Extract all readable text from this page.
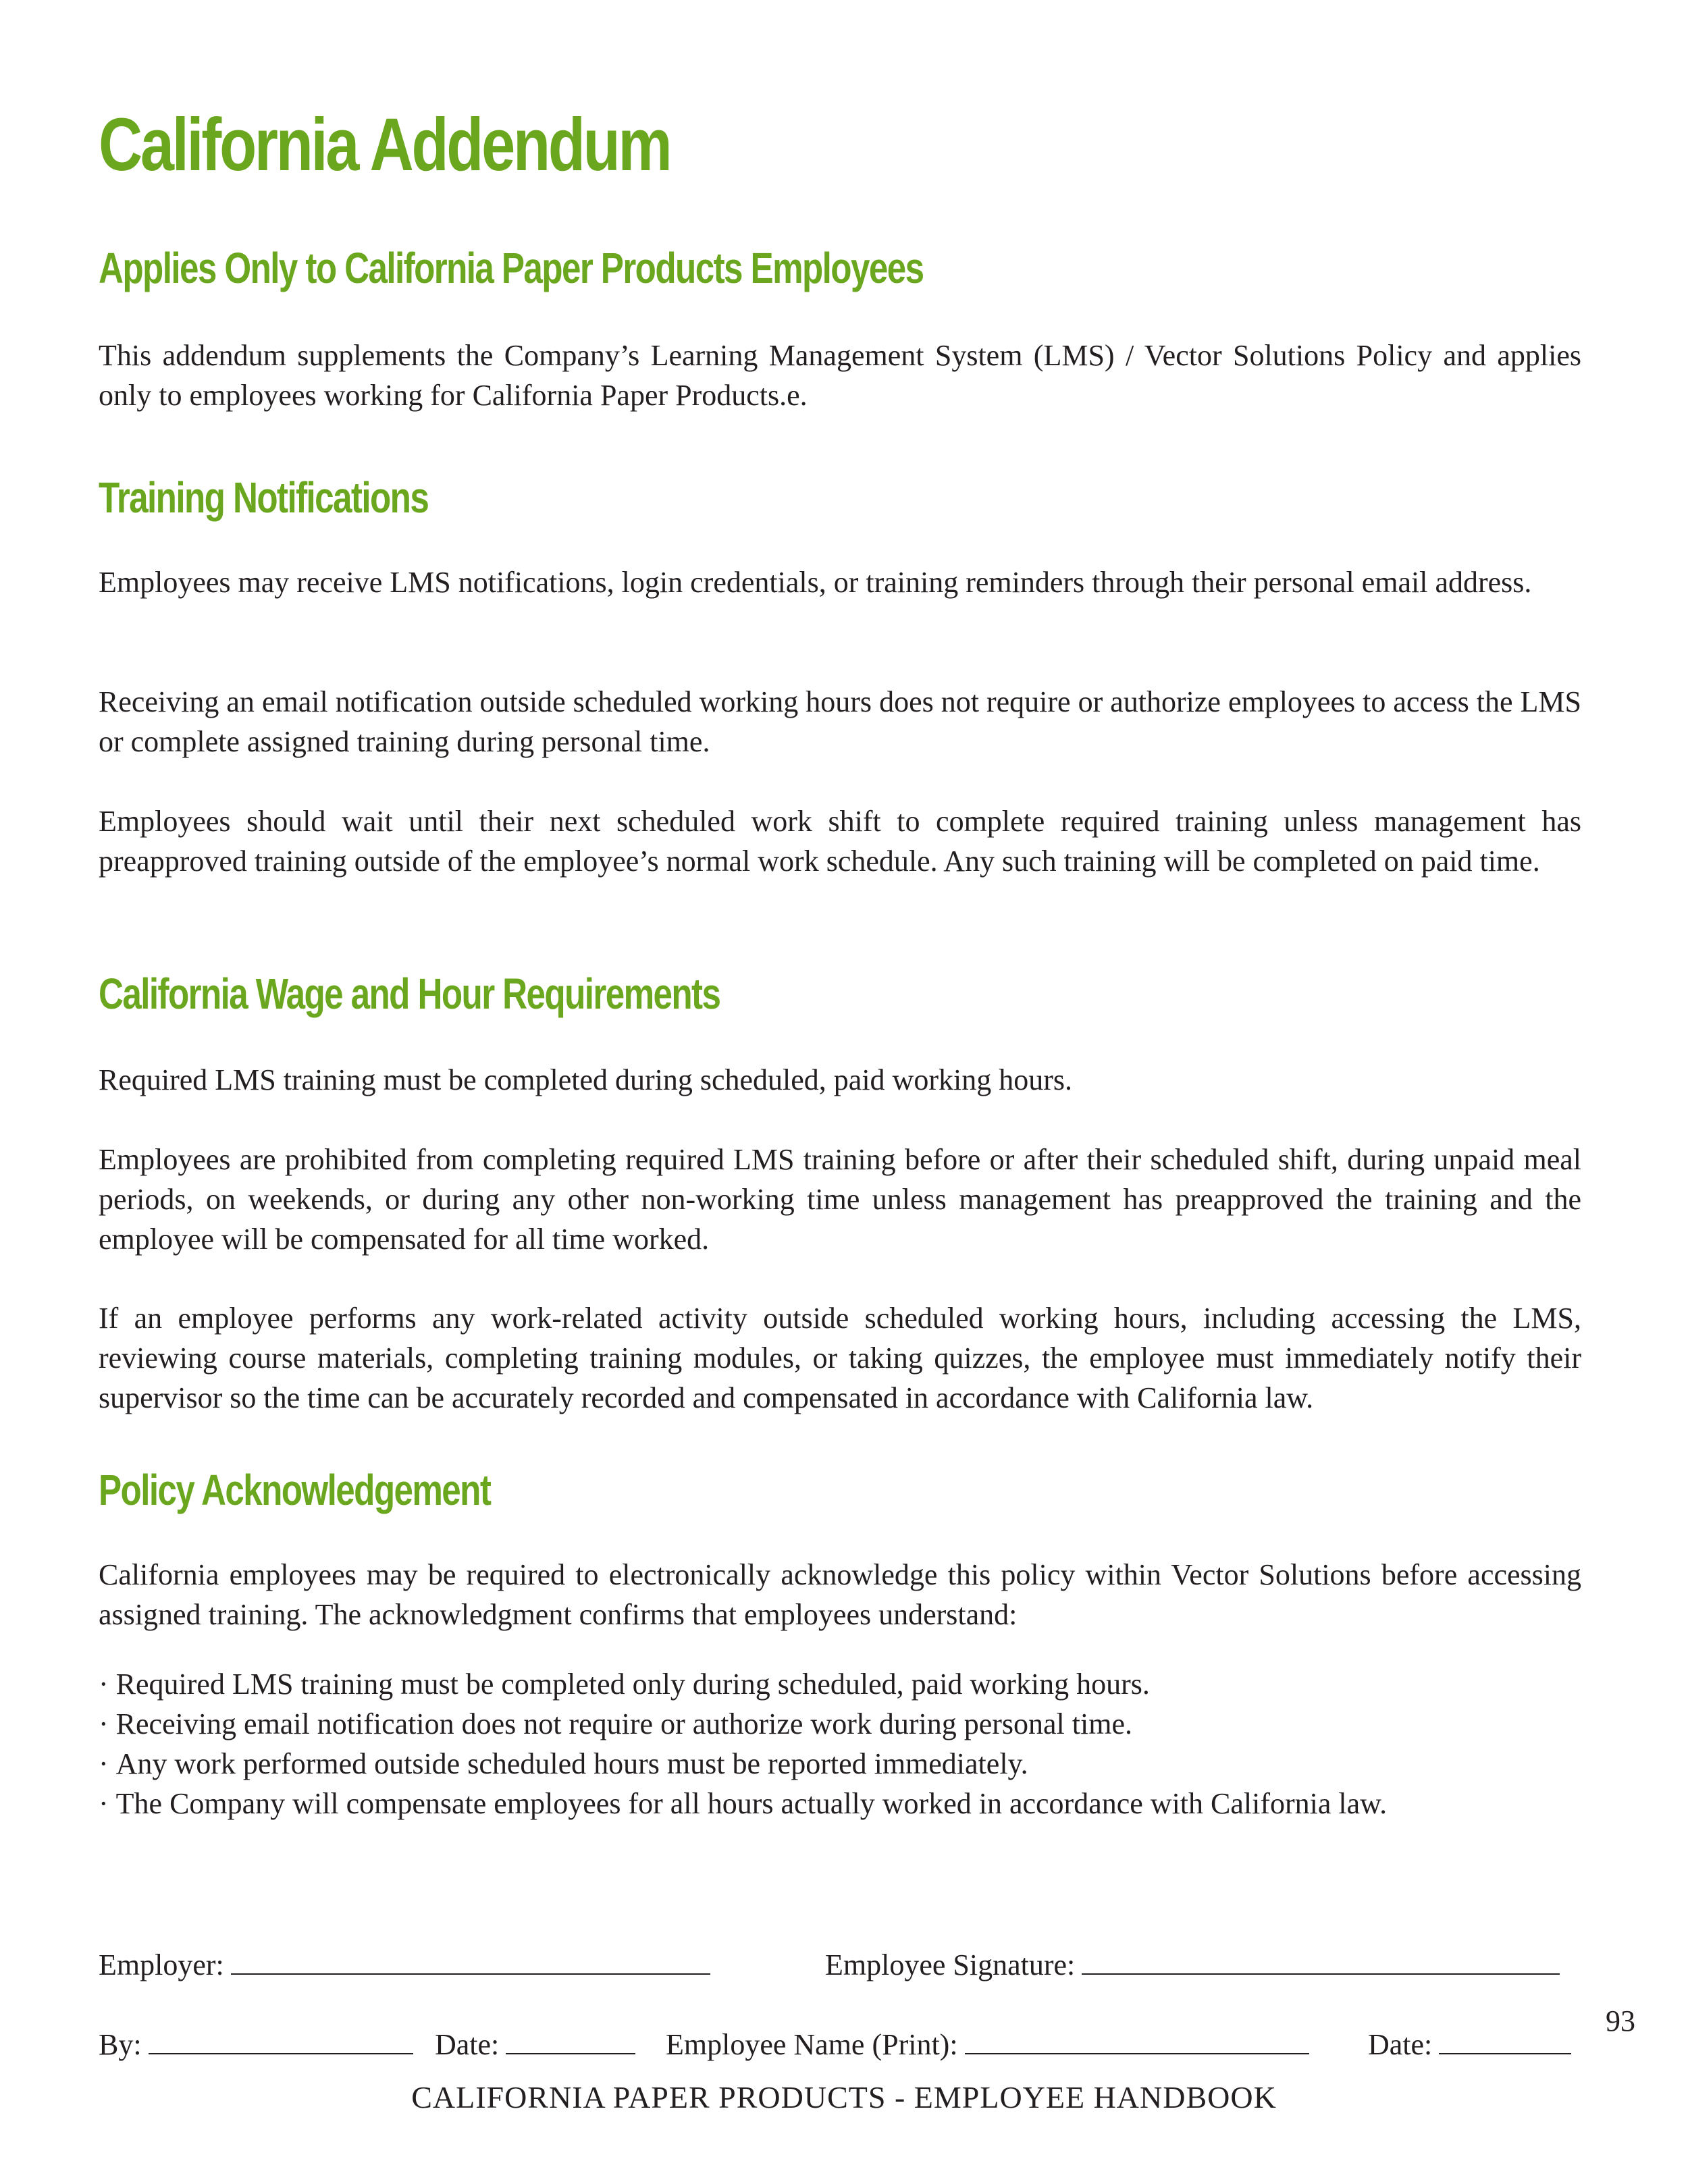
California Addendum
Applies Only to California Paper Products Employees

This addendum supplements the Company’s Learning Management System (LMS) / Vector Solutions Policy and applies only to employees working for California Paper Products.e.

Training Notifications

Employees may receive LMS notifications, login credentials, or training reminders through their personal email address.

Receiving an email notification outside scheduled working hours does not require or authorize employees to access the LMS or complete assigned training during personal time.

Employees should wait until their next scheduled work shift to complete required training unless management has preapproved training outside of the employee’s normal work schedule. Any such training will be completed on paid time.

California Wage and Hour Requirements

Required LMS training must be completed during scheduled, paid working hours.

Employees are prohibited from completing required LMS training before or after their scheduled shift, during unpaid meal periods, on weekends, or during any other non-working time unless management has preapproved the training and the employee will be compensated for all time worked.

If an employee performs any work-related activity outside scheduled working hours, including accessing the LMS, reviewing course materials, completing training modules, or taking quizzes, the employee must immediately notify their supervisor so the time can be accurately recorded and compensated in accordance with California law.

Policy Acknowledgement

California employees may be required to electronically acknowledge this policy within Vector Solutions before accessing assigned training. The acknowledgment confirms that employees understand:

· Required LMS training must be completed only during scheduled, paid working hours.
· Receiving email notification does not require or authorize work during personal time.
· Any work performed outside scheduled hours must be reported immediately.
· The Company will compensate employees for all hours actually worked in accordance with California law.
Employer:	Employee Signature:
By:	Date:	Employee Name (Print):	Date:
93
CALIFORNIA PAPER PRODUCTS - EMPLOYEE HANDBOOK
